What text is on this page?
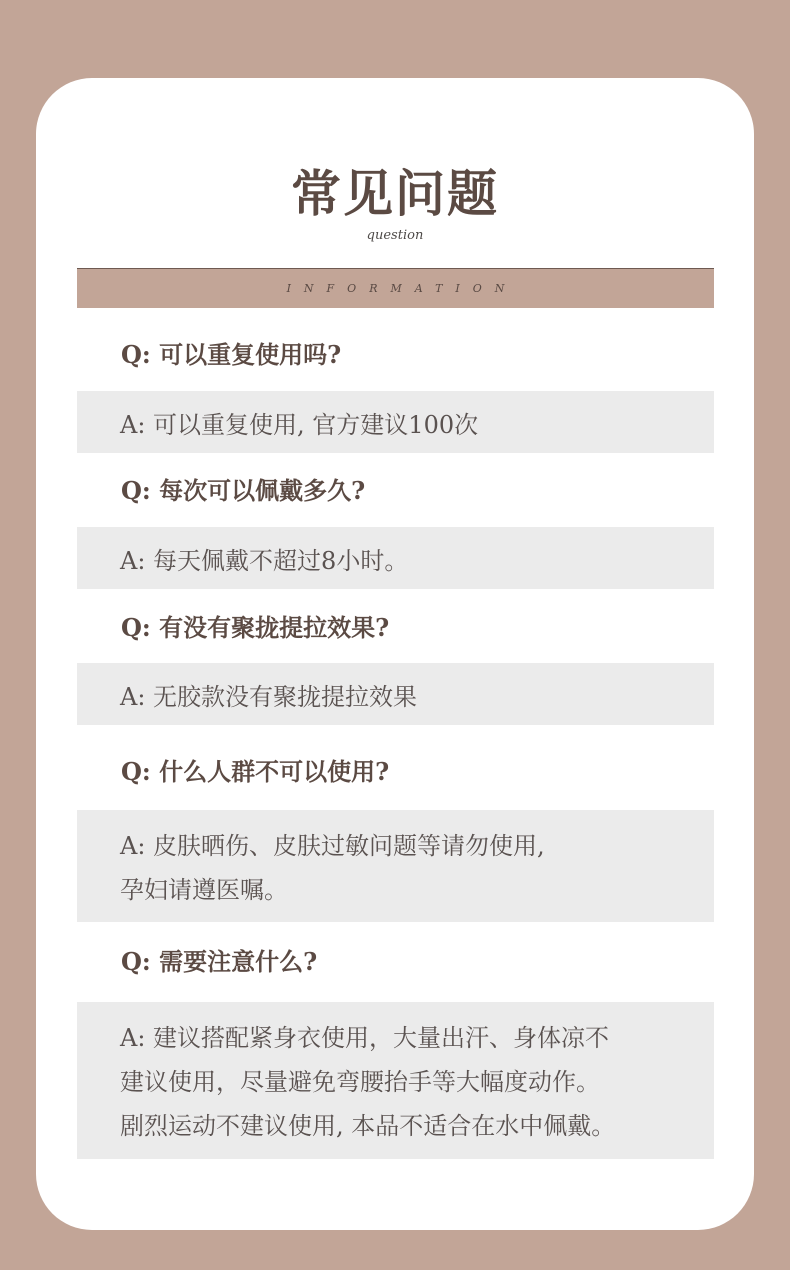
常见问题
question
INFORMATION
Q: 可以重复使用吗?
A: 可以重复使用, 官方建议100次
Q: 每次可以佩戴多久?
A: 每天佩戴不超过8小时。
Q: 有没有聚拢提拉效果?
A: 无胶款没有聚拢提拉效果
Q: 什么人群不可以使用?
A: 皮肤晒伤、皮肤过敏问题等请勿使用,
孕妇请遵医嘱。
Q: 需要注意什么?
A: 建议搭配紧身衣使用，大量出汗、身体凉不
建议使用，尽量避免弯腰抬手等大幅度动作。
剧烈运动不建议使用, 本品不适合在水中佩戴。
